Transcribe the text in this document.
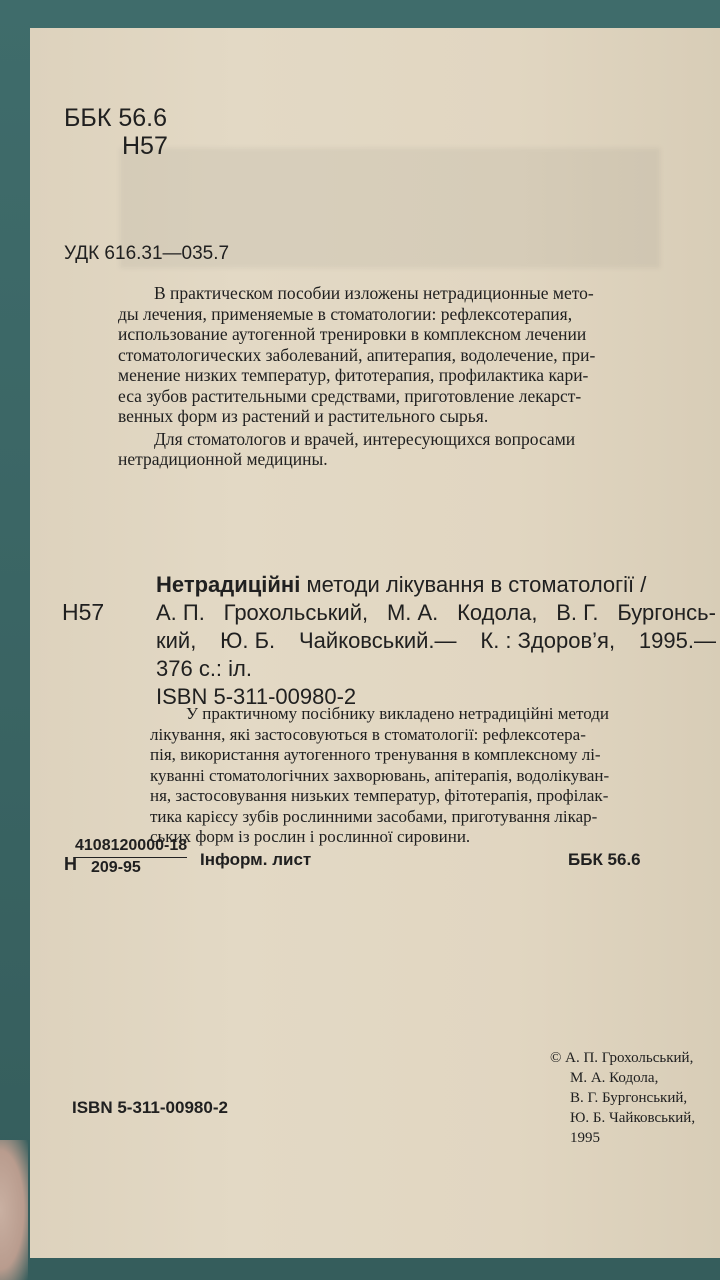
ББК 56.6
Н57
УДК 616.31—035.7
В практическом пособии изложены нетрадиционные мето-
ды лечения, применяемые в стоматологии: рефлексотерапия,
использование аутогенной тренировки в комплексном лечении
стоматологических заболеваний, апитерапия, водолечение, при-
менение низких температур, фитотерапия, профилактика кари-
еса зубов растительными средствами, приготовление лекарст-
венных форм из растений и растительного сырья.
Для стоматологов и врачей, интересующихся вопросами
нетрадиционной медицины.
Н57
Нетрадиційні методи лікування в стоматології /
А. П. Грохольський, М. А. Кодола, В. Г. Бургонсь-
кий, Ю. Б. Чайковський.— К. : Здоров’я, 1995.—
376 с.: іл.
ISBN 5-311-00980-2
У практичному посібнику викладено нетрадиційні методи
лікування, які застосовуються в стоматології: рефлексотера-
пія, використання аутогенного тренування в комплексному лі-
куванні стоматологічних захворювань, апітерапія, водолікуван-
ня, застосовування низьких температур, фітотерапія, профілак-
тика карієсу зубів рослинними засобами, приготування лікар-
ських форм із рослин і рослинної сировини.
Н
$\frac{4108120000-18}{209-95}$ Інформ. лист	ББК 56.6
© А. П. Грохольський,
М. А. Кодола,
В. Г. Бургонський,
Ю. Б. Чайковський,
1995
ISBN 5-311-00980-2
